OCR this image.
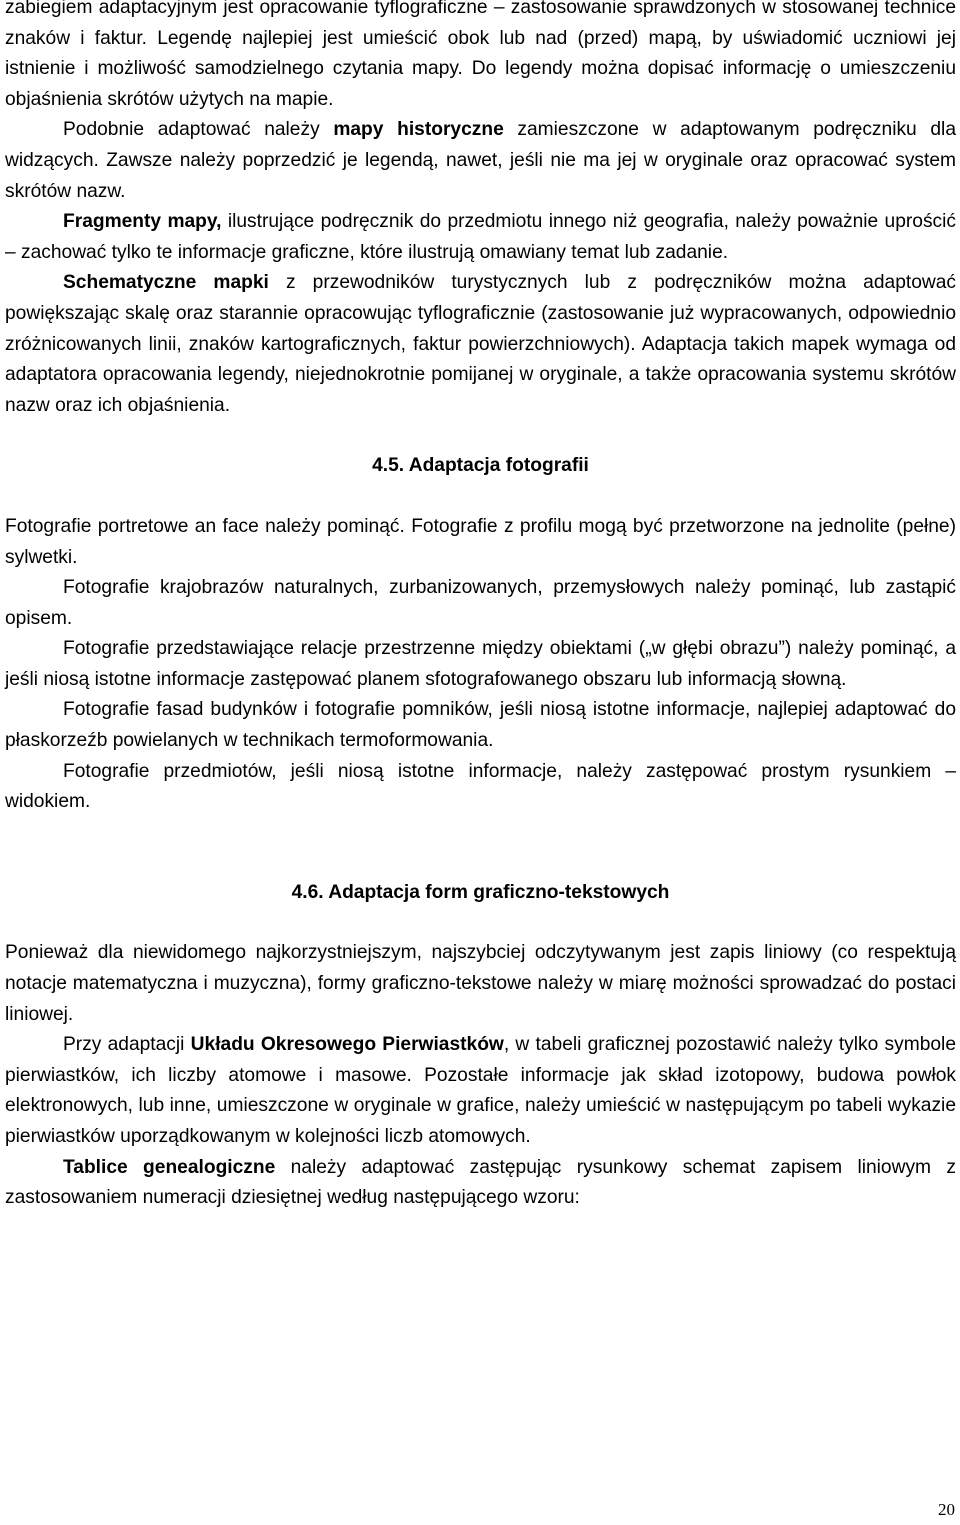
zabiegiem adaptacyjnym jest opracowanie tyflograficzne – zastosowanie sprawdzonych w stosowanej technice znaków i faktur. Legendę najlepiej jest umieścić obok lub nad (przed) mapą, by uświadomić uczniowi jej istnienie i możliwość samodzielnego czytania mapy. Do legendy można dopisać informację o umieszczeniu objaśnienia skrótów użytych na mapie.

Podobnie adaptować należy mapy historyczne zamieszczone w adaptowanym podręczniku dla widzących. Zawsze należy poprzedzić je legendą, nawet, jeśli nie ma jej w oryginale oraz opracować system skrótów nazw.

Fragmenty mapy, ilustrujące podręcznik do przedmiotu innego niż geografia, należy poważnie uprościć – zachować tylko te informacje graficzne, które ilustrują omawiany temat lub zadanie.

Schematyczne mapki z przewodników turystycznych lub z podręczników można adaptować powiększając skalę oraz starannie opracowując tyflograficznie (zastosowanie już wypracowanych, odpowiednio zróżnicowanych linii, znaków kartograficznych, faktur powierzchniowych). Adaptacja takich mapek wymaga od adaptatora opracowania legendy, niejednokrotnie pomijanej w oryginale, a także opracowania systemu skrótów nazw oraz ich objaśnienia.

4.5. Adaptacja fotografii

Fotografie portretowe an face należy pominąć. Fotografie z profilu mogą być przetworzone na jednolite (pełne) sylwetki.

Fotografie krajobrazów naturalnych, zurbanizowanych, przemysłowych należy pominąć, lub zastąpić opisem.

Fotografie przedstawiające relacje przestrzenne między obiektami („w głębi obrazu”) należy pominąć, a jeśli niosą istotne informacje zastępować planem sfotografowanego obszaru lub informacją słowną.

Fotografie fasad budynków i fotografie pomników, jeśli niosą istotne informacje, najlepiej adaptować do płaskorzeźb powielanych w technikach termoformowania.

Fotografie przedmiotów, jeśli niosą istotne informacje, należy zastępować prostym rysunkiem – widokiem.

4.6. Adaptacja form graficzno-tekstowych

Ponieważ dla niewidomego najkorzystniejszym, najszybciej odczytywanym jest zapis liniowy (co respektują notacje matematyczna i muzyczna), formy graficzno-tekstowe należy w miarę możności sprowadzać do postaci liniowej.

Przy adaptacji Układu Okresowego Pierwiastków, w tabeli graficznej pozostawić należy tylko symbole pierwiastków, ich liczby atomowe i masowe. Pozostałe informacje jak skład izotopowy, budowa powłok elektronowych, lub inne, umieszczone w oryginale w grafice, należy umieścić w następującym po tabeli wykazie pierwiastków uporządkowanym w kolejności liczb atomowych.

Tablice genealogiczne należy adaptować zastępując rysunkowy schemat zapisem liniowym z zastosowaniem numeracji dziesiętnej według następującego wzoru:

20
